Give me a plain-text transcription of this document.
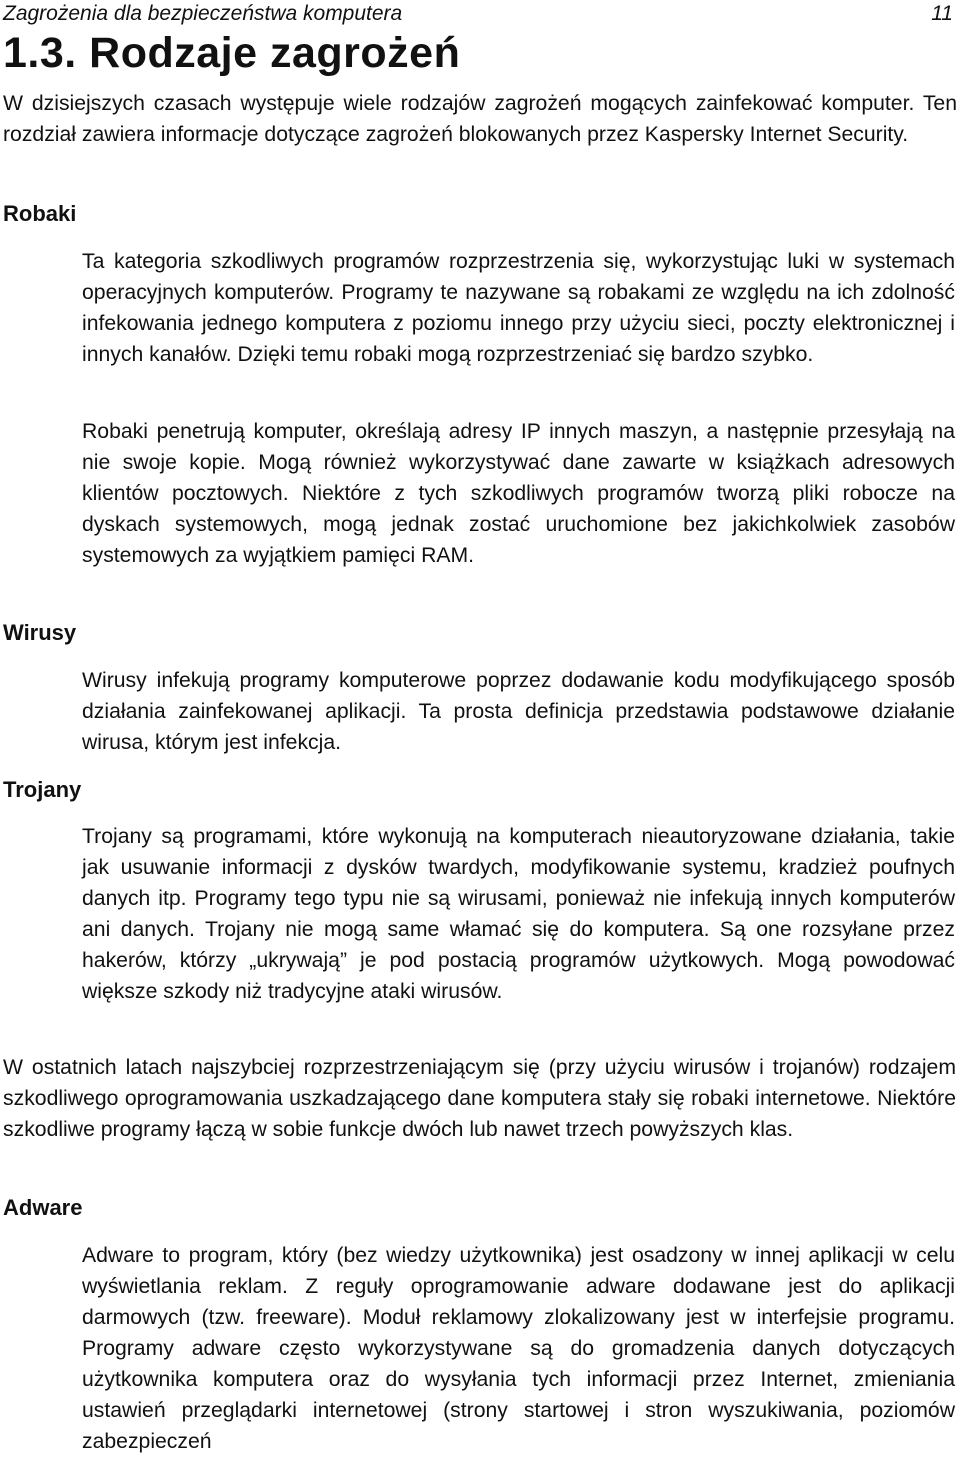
Zagrożenia dla bezpieczeństwa komputera	11
1.3. Rodzaje zagrożeń

W dzisiejszych czasach występuje wiele rodzajów zagrożeń mogących zainfekować komputer. Ten rozdział zawiera informacje dotyczące zagrożeń blokowanych przez Kaspersky Internet Security.

Robaki

Ta kategoria szkodliwych programów rozprzestrzenia się, wykorzystując luki w systemach operacyjnych komputerów. Programy te nazywane są robakami ze względu na ich zdolność infekowania jednego komputera z poziomu innego przy użyciu sieci, poczty elektronicznej i innych kanałów. Dzięki temu robaki mogą rozprzestrzeniać się bardzo szybko.

Robaki penetrują komputer, określają adresy IP innych maszyn, a następnie przesyłają na nie swoje kopie. Mogą również wykorzystywać dane zawarte w książkach adresowych klientów pocztowych. Niektóre z tych szkodliwych programów tworzą pliki robocze na dyskach systemowych, mogą jednak zostać uruchomione bez jakichkolwiek zasobów systemowych za wyjątkiem pamięci RAM.

Wirusy

Wirusy infekują programy komputerowe poprzez dodawanie kodu modyfikującego sposób działania zainfekowanej aplikacji. Ta prosta definicja przedstawia podstawowe działanie wirusa, którym jest infekcja.

Trojany

Trojany są programami, które wykonują na komputerach nieautoryzowane działania, takie jak usuwanie informacji z dysków twardych, modyfikowanie systemu, kradzież poufnych danych itp. Programy tego typu nie są wirusami, ponieważ nie infekują innych komputerów ani danych. Trojany nie mogą same włamać się do komputera. Są one rozsyłane przez hakerów, którzy „ukrywają” je pod postacią programów użytkowych. Mogą powodować większe szkody niż tradycyjne ataki wirusów.

W ostatnich latach najszybciej rozprzestrzeniającym się (przy użyciu wirusów i trojanów) rodzajem szkodliwego oprogramowania uszkadzającego dane komputera stały się robaki internetowe. Niektóre szkodliwe programy łączą w sobie funkcje dwóch lub nawet trzech powyższych klas.

Adware

Adware to program, który (bez wiedzy użytkownika) jest osadzony w innej aplikacji w celu wyświetlania reklam. Z reguły oprogramowanie adware dodawane jest do aplikacji darmowych (tzw. freeware). Moduł reklamowy zlokalizowany jest w interfejsie programu. Programy adware często wykorzystywane są do gromadzenia danych dotyczących użytkownika komputera oraz do wysyłania tych informacji przez Internet, zmieniania ustawień przeglądarki internetowej (strony startowej i stron wyszukiwania, poziomów zabezpieczeń
